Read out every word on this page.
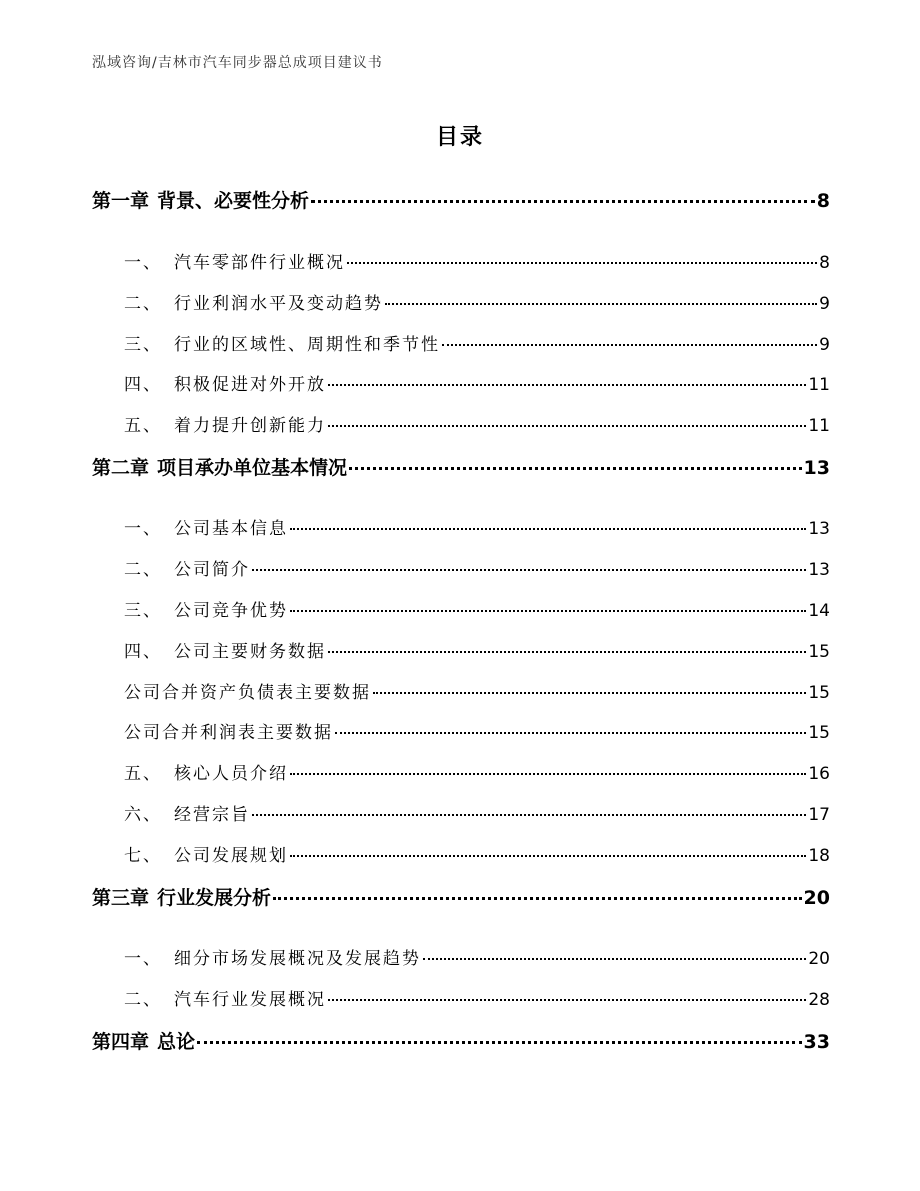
泓域咨询/吉林市汽车同步器总成项目建议书
目录
第一章 背景、必要性分析	8
一、 汽车零部件行业概况	8
二、 行业利润水平及变动趋势	9
三、 行业的区域性、周期性和季节性	9
四、 积极促进对外开放	11
五、 着力提升创新能力	11
第二章 项目承办单位基本情况	13
一、 公司基本信息	13
二、 公司简介	13
三、 公司竞争优势	14
四、 公司主要财务数据	15
公司合并资产负债表主要数据	15
公司合并利润表主要数据	15
五、 核心人员介绍	16
六、 经营宗旨	17
七、 公司发展规划	18
第三章 行业发展分析	20
一、 细分市场发展概况及发展趋势	20
二、 汽车行业发展概况	28
第四章 总论	33
